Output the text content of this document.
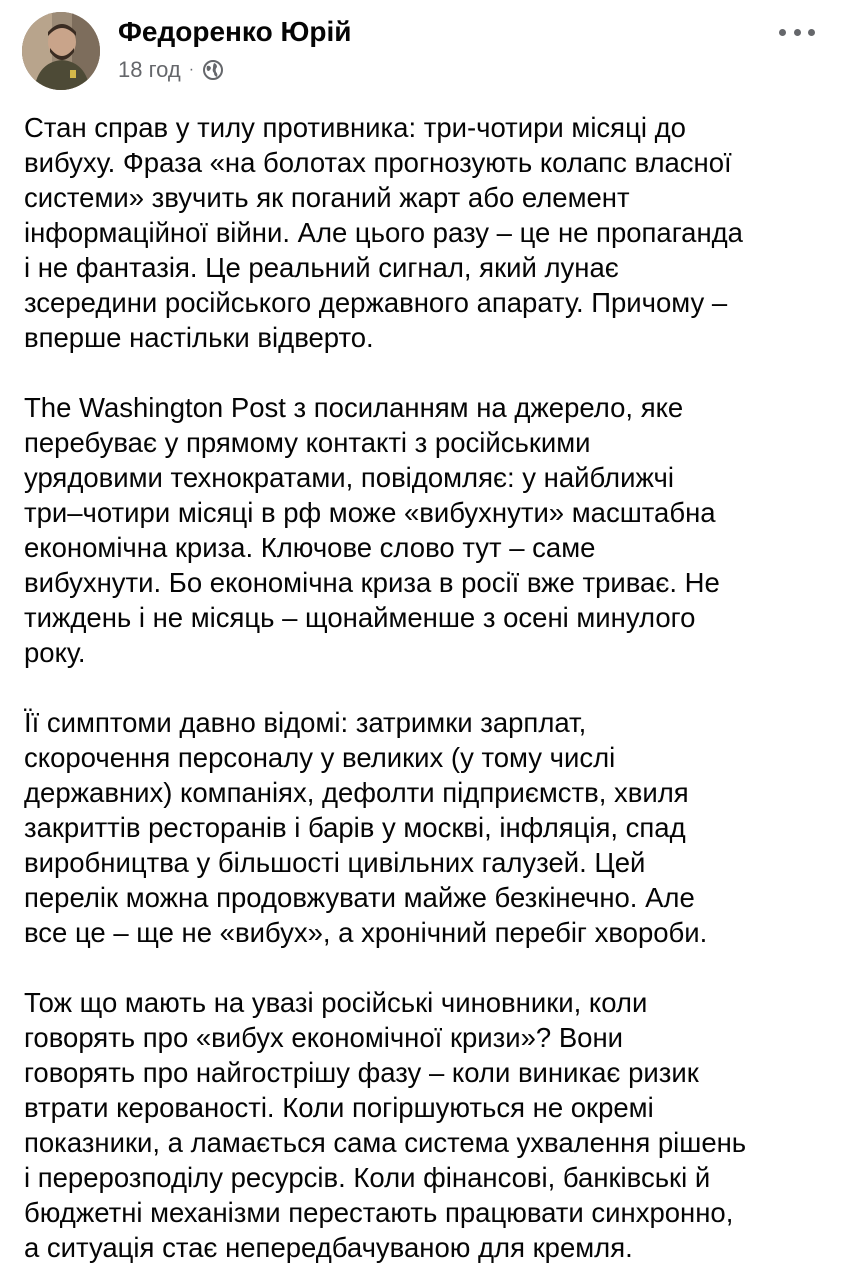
Федоренко Юрій
18 год ·

Стан справ у тилу противника: три-чотири місяці до
вибуху. Фраза «на болотах прогнозують колапс власної
системи» звучить як поганий жарт або елемент
інформаційної війни. Але цього разу – це не пропаганда
і не фантазія. Це реальний сигнал, який лунає
зсередини російського державного апарату. Причому –
вперше настільки відверто.

The Washington Post з посиланням на джерело, яке
перебуває у прямому контакті з російськими
урядовими технократами, повідомляє: у найближчі
три–чотири місяці в рф може «вибухнути» масштабна
економічна криза. Ключове слово тут – саме
вибухнути. Бо економічна криза в росії вже триває. Не
тиждень і не місяць – щонайменше з осені минулого
року.

Її симптоми давно відомі: затримки зарплат,
скорочення персоналу у великих (у тому числі
державних) компаніях, дефолти підприємств, хвиля
закриттів ресторанів і барів у москві, інфляція, спад
виробництва у більшості цивільних галузей. Цей
перелік можна продовжувати майже безкінечно. Але
все це – ще не «вибух», а хронічний перебіг хвороби.

Тож що мають на увазі російські чиновники, коли
говорять про «вибух економічної кризи»? Вони
говорять про найгострішу фазу – коли виникає ризик
втрати керованості. Коли погіршуються не окремі
показники, а ламається сама система ухвалення рішень
і перерозподілу ресурсів. Коли фінансові, банківські й
бюджетні механізми перестають працювати синхронно,
а ситуація стає непередбачуваною для кремля.
